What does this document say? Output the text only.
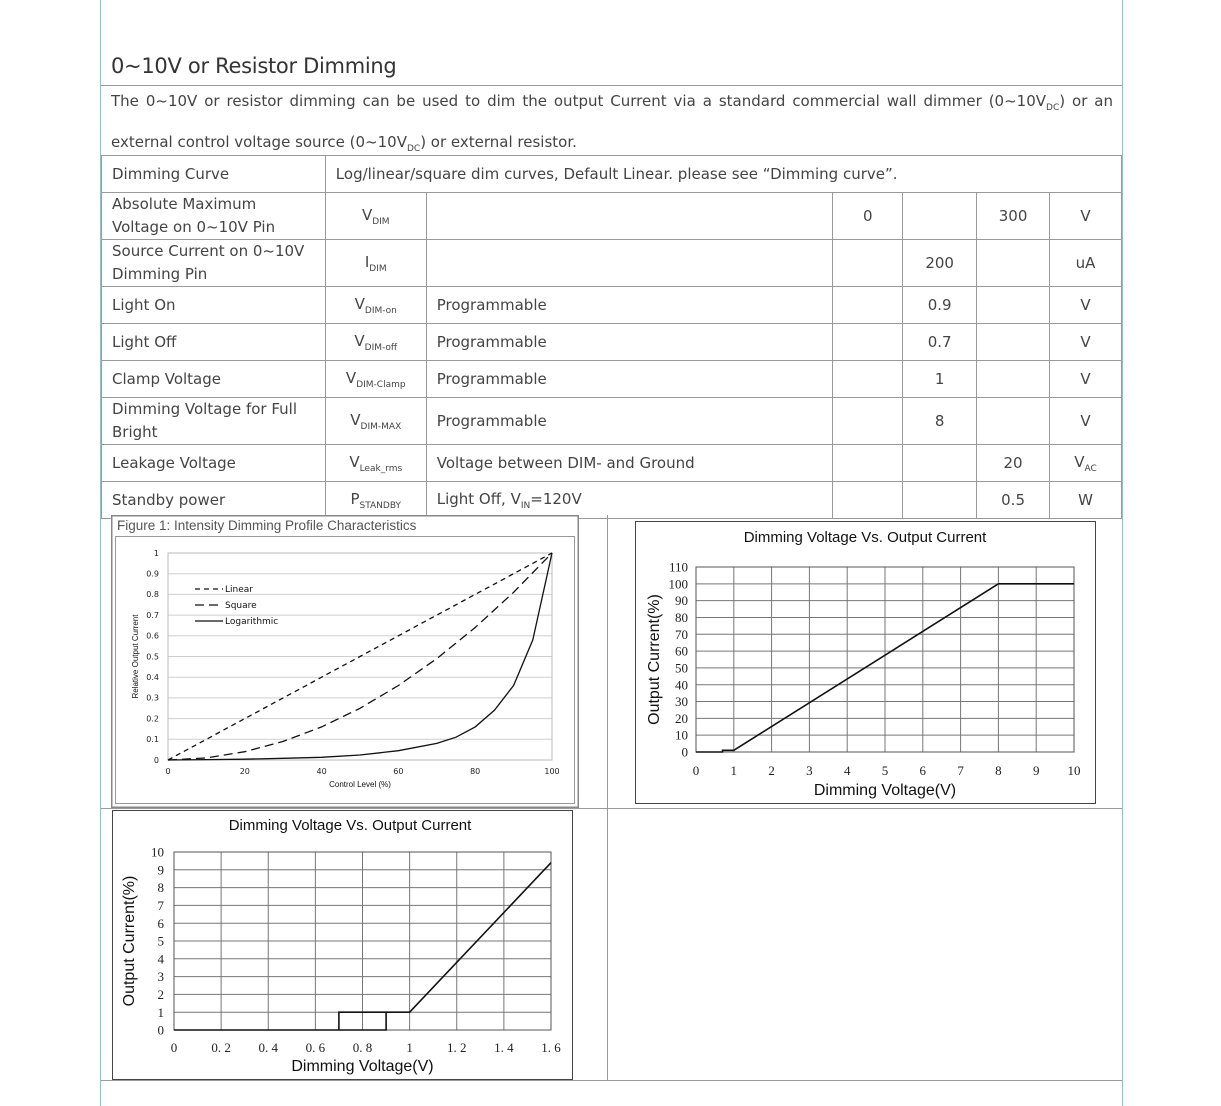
0~10V or Resistor Dimming
The 0~10V or resistor dimming can be used to dim the output Current via a standard commercial wall dimmer $(0\sim 10V_{DC})$ or an external control voltage source $(0\sim 10V_{DC})$ or external resistor.
Dimming Curve	Log/linear/square dim curves, Default Linear. please see “Dimming curve”.					
Absolute Maximum Voltage on 0~10V Pin	$V_{DIM}$		0		300	V
Source Current on 0~10V Dimming Pin	$I_{DIM}$			200		uA
Light On	$V_{DIM-on}$	Programmable		0.9		V
Light Off	$V_{DIM-off}$	Programmable		0.7		V
Clamp Voltage	$V_{DIM-Clamp}$	Programmable		1		V
Dimming Voltage for Full Bright	$V_{DIM-MAX}$	Programmable		8		V
Leakage Voltage	$V_{Leak\_rms}$	Voltage between DIM- and Ground			20	$V_{AC}$
Standby power	$P_{STANDBY}$	Light Off, $V_{IN}=120V$			0.5	W
Figure 1: Intensity Dimming Profile Characteristics
0
0.1
0.2
0.3
0.4
0.5
0.6
0.7
0.8
0.9
1
0	20	40	60	80	100
Control Level (%)
Relative Output Current
Linear
Square
Logarithmic
Dimming Voltage Vs. Output Current
0
10
20
30
40
50
60
70
80
90
100
110
0 1 2 3 4 5 6 7 8 9 10
Dimming Voltage(V)
Output Current(%)
Dimming Voltage Vs. Output Current
0
1
2
3
4
5
6
7
8
9
10
0	0. 2 0. 4 0. 6 0. 8	1	1. 2 1. 4 1. 6
Dimming Voltage(V)
Output Current(%)
